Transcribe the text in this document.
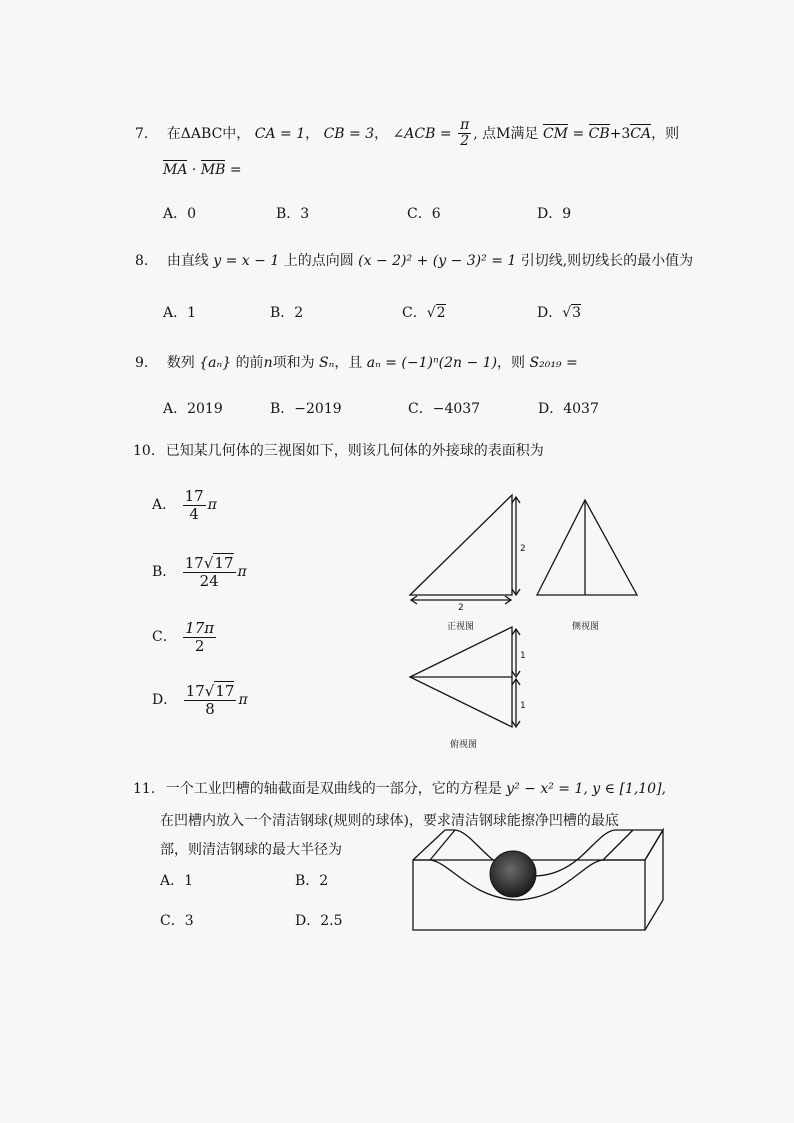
7. 在ΔABC中， CA = 1， CB = 3， ∠ACB = $\frac{\pi}{2}$ , 点M满足 CM = CB+3CA，则
MA · MB =
A．0	B．3	C．6	D．9
8. 由直线 y = x − 1 上的点向圆 (x − 2)² + (y − 3)² = 1 引切线,则切线长的最小值为
A．1	B．2	C．√2	D．√3
9. 数列 {aₙ} 的前n项和为 Sₙ，且 aₙ = (−1)ⁿ(2n − 1)，则 S₂₀₁₉ =
A．2019	B．−2019	C．−4037	D．4037
10. 已知某几何体的三视图如下，则该几何体的外接球的表面积为
A． $\frac{17}{4}$ π
B． $\frac{17√17}{24}$ π
C． $\frac{17\pi}{2}$
D． $\frac{17√17}{8}$ π
2
2
正视图	侧视图
1
1
俯视图
11. 一个工业凹槽的轴截面是双曲线的一部分，它的方程是 y² − x² = 1, y ∈ [1,10],
在凹槽内放入一个清洁钢球(规则的球体)，要求清洁钢球能擦净凹槽的最底
部，则清洁钢球的最大半径为
A．1	B．2
C．3	D．2.5
